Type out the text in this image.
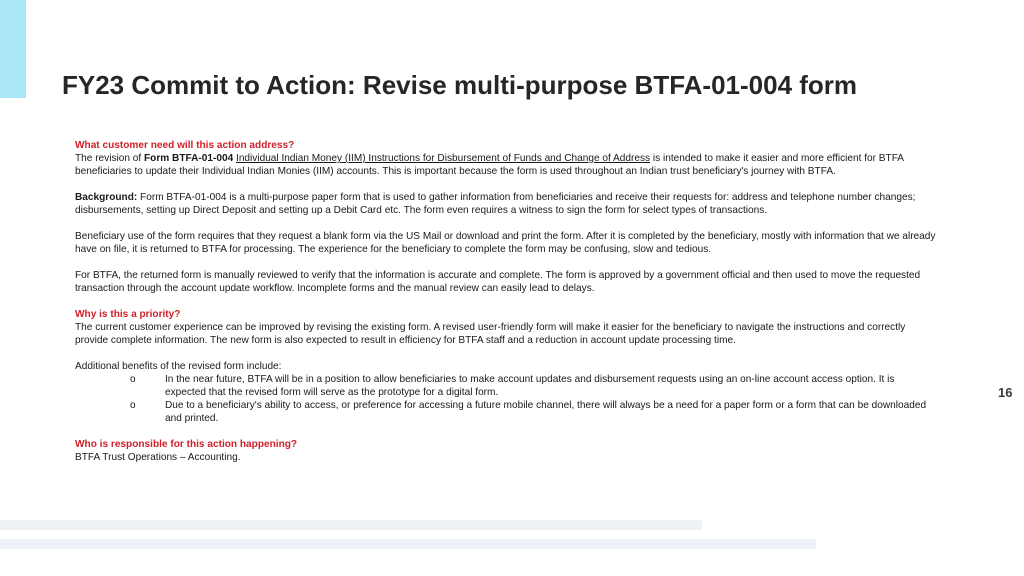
FY23 Commit to Action: Revise multi-purpose BTFA-01-004 form

What customer need will this action address?

The revision of Form BTFA-01-004 Individual Indian Money (IIM) Instructions for Disbursement of Funds and Change of Address is intended to make it easier and more efficient for BTFA beneficiaries to update their Individual Indian Monies (IIM) accounts. This is important because the form is used throughout an Indian trust beneficiary's journey with BTFA.

Background: Form BTFA-01-004 is a multi-purpose paper form that is used to gather information from beneficiaries and receive their requests for: address and telephone number changes; disbursements, setting up Direct Deposit and setting up a Debit Card etc. The form even requires a witness to sign the form for select types of transactions.

Beneficiary use of the form requires that they request a blank form via the US Mail or download and print the form. After it is completed by the beneficiary, mostly with information that we already have on file, it is returned to BTFA for processing. The experience for the beneficiary to complete the form may be confusing, slow and tedious.

For BTFA, the returned form is manually reviewed to verify that the information is accurate and complete. The form is approved by a government official and then used to move the requested transaction through the account update workflow. Incomplete forms and the manual review can easily lead to delays.

Why is this a priority?

The current customer experience can be improved by revising the existing form. A revised user-friendly form will make it easier for the beneficiary to navigate the instructions and correctly provide complete information. The new form is also expected to result in efficiency for BTFA staff and a reduction in account update processing time.

Additional benefits of the revised form include:

o	In the near future, BTFA will be in a position to allow beneficiaries to make account updates and disbursement requests using an on-line account access option. It is expected that the revised form will serve as the prototype for a digital form.
o	Due to a beneficiary's ability to access, or preference for accessing a future mobile channel, there will always be a need for a paper form or a form that can be downloaded and printed.

Who is responsible for this action happening?

BTFA Trust Operations – Accounting.

16
